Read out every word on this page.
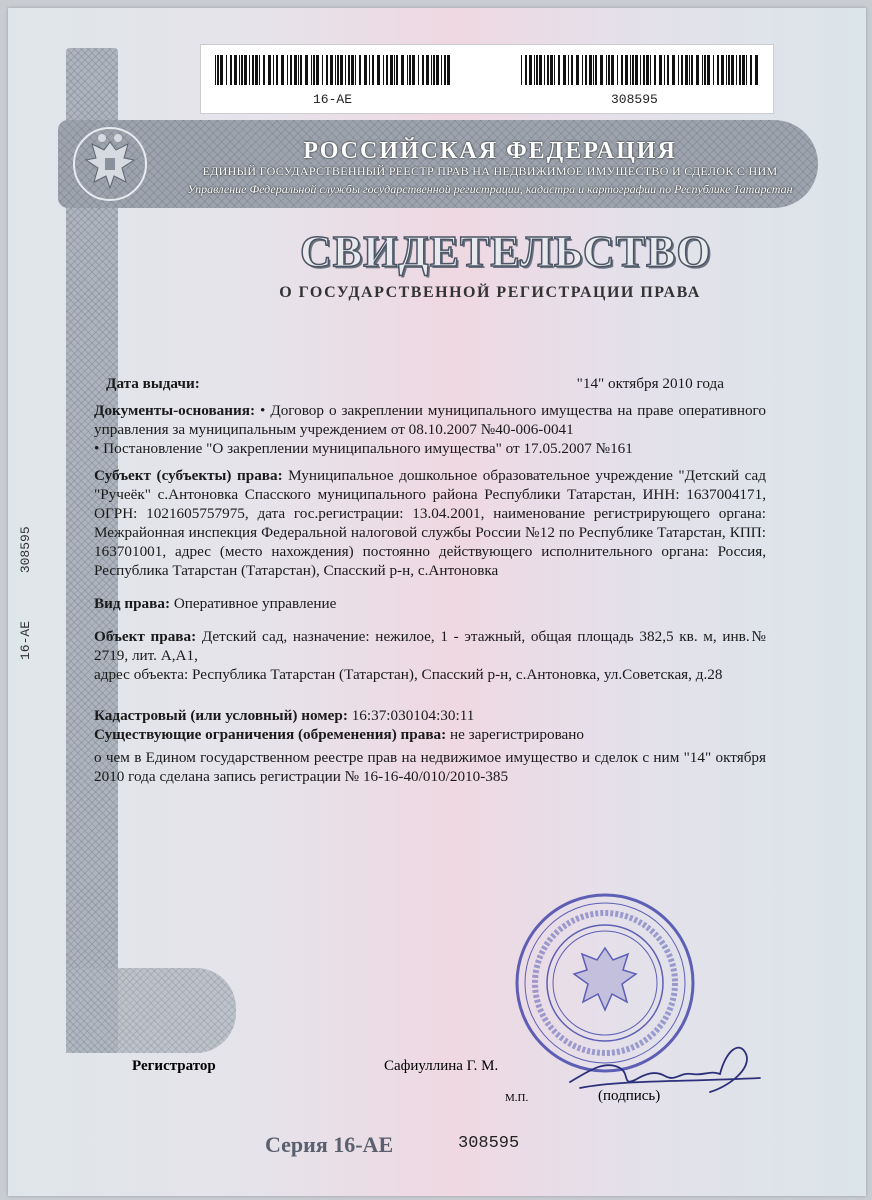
16-AE	308595
РОССИЙСКАЯ ФЕДЕРАЦИЯ
ЕДИНЫЙ ГОСУДАРСТВЕННЫЙ РЕЕСТР ПРАВ НА НЕДВИЖИМОЕ ИМУЩЕСТВО И СДЕЛОК С НИМ
Управление Федеральной службы государственной регистрации, кадастра и картографии по Республике Татарстан
СВИДЕТЕЛЬСТВО
О ГОСУДАРСТВЕННОЙ РЕГИСТРАЦИИ ПРАВА
16-АЕ 308595
Дата выдачи:	"14" октября 2010 года

Документы-основания: • Договор о закреплении муниципального имущества на праве оперативного управления за муниципальным учреждением от 08.10.2007 №40-006-0041

• Постановление "О закреплении муниципального имущества" от 17.05.2007 №161

Субъект (субъекты) права: Муниципальное дошкольное образовательное учреждение "Детский сад "Ручеёк" с.Антоновка Спасского муниципального района Республики Татарстан, ИНН: 1637004171, ОГРН: 1021605757975, дата гос.регистрации: 13.04.2001, наименование регистрирующего органа: Межрайонная инспекция Федеральной налоговой службы России №12 по Республике Татарстан, КПП: 163701001, адрес (место нахождения) постоянно действующего исполнительного органа: Россия, Республика Татарстан (Татарстан), Спасский р-н, с.Антоновка

Вид права: Оперативное управление

Объект права: Детский сад, назначение: нежилое, 1 - этажный, общая площадь 382,5 кв. м, инв.№ 2719, лит. А,А1,

адрес объекта: Республика Татарстан (Татарстан), Спасский р-н, с.Антоновка, ул.Советская, д.28

Кадастровый (или условный) номер: 16:37:030104:30:11

Существующие ограничения (обременения) права: не зарегистрировано

о чем в Едином государственном реестре прав на недвижимое имущество и сделок с ним "14" октября 2010 года сделана запись регистрации № 16-16-40/010/2010-385

Регистратор	Сафиуллина Г. М.
М.П.	(подпись)
Серия 16-АЕ	308595
